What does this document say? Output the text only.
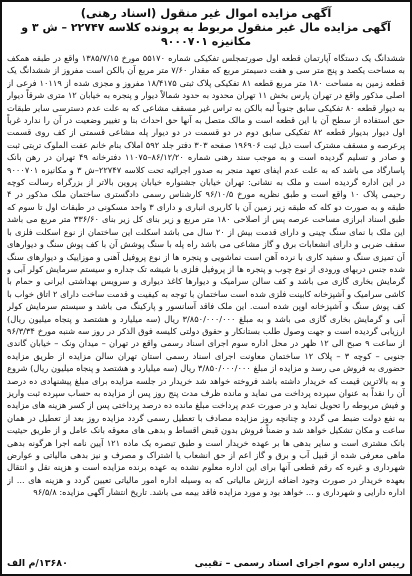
آگهی مزایده اموال غیر منقول (اسناد رهنی)

آگهی مزایده مال غیر منقول مربوط به پرونده کلاسه ۲۲۷۴۷ – ش ۳ و مکانیزه ۹۰۰۰۷۰۱

ششدانگ یک دستگاه آپارتمان قطعه اول صورتمجلس تفکیکی شماره ۵۵۱۷۰ مورخ ۱۳۸۵/۷/۱۵ واقع در طبقه همکف به مساحت یکصد و پنج متر سی و هفت دسیمتر مربع که مقدار ۷/۶۰ متر مربع آن بالکن است مفروز از ششدانگ یک قطعه زمین به مساحت ۱۸۰ متر مربع قطعه ۸۱ تفکیکی پلاک ثبتی ۱۸/۴۱۷۵ مفروز و مجزی شده از ۱۰۱۱۹ فرعی از اصلی مذکور واقع در تهران پارس بخش ۱۱ تهران محدود به حدود شمالاً دیوار و پنجره به خیابان ۱۲ متری شرقاً دیوار به دیوار قطعه ۸۰ تفکیکی سابق جنوباً لبه بالکن به تراس غیر مسقف مشاعی که به علت عدم دسترسی سایر طبقات حق استفاده از سطح آن با این قطعه است و مالک متصل به آنها حق احداث بنا و تغییر وضعیت در آن را ندارد غرباً اول دیوار بدیوار قطعه ۸۲ تفکیکی سابق دوم در دو قسمت در دو دیوار پله مشاعی قسمتی از کف روی قسمت پرعرصه و مسقف مشترک است ذیل ثبت ۱۹۶۹۰۶ صفحه ۳۰۳ دفتر جلد ۵۹۲ املاک بنام خانم عفت الملوک تربتی ثبت و صادر و تسلیم گردیده است و به موجب سند رهنی شماره ۸۶/۱۲/۲۰–۱۱۰۷۵ دفترخانه ۴۹ تهران در رهن بانک پاسارگاد می باشد که به علت عدم ایفای تعهد منجر به صدور اجرائیه تحت کلاسه ۲۲۷۴۷–ش ۳ و مکانیزه ۹۰۰۰۷۰۱ در این اداره گردیده است و ملک به نشانی: تهران خیابان جشنواره خیابان پروین بالاتر از بزرگراه رسالت کوچه رحیمی پلاک ۱۰ واقع است و طبق نظریه مورخ ۹۶/۱۰/۵ کارشناس رسمی دادگستری ساختمان ملک مذکور در ۴ طبقه و به صورت دو کله که طبقه زیر زمین آن با کاربری انباری و دارای ۳ واحد مسکونی در طبقات اول تا سوم که طبق اسناد ابرازی مساحت عرصه پس از اصلاحی ۱۸۰ متر مربع و زیر بنای کل زیر بنای ۳۳۶/۶۰ متر مربع می باشد این ملک با نمای سنگ چینی و دارای قدمت بیش از ۲۰ سال می باشد اسکلت این ساختمان از نوع اسکلت فلزی با سقف ضربی و دارای انشعابات برق و گاز مشاعی می باشد راه پله با سنگ پوشش آن با کف پوش سنگ و دیوارهای آن تمیزی سنگ و سفید کاری با نرده آهن است نماشویی و پنجره ها از نوع پروفیل آهنی و موزاییک و دیوارهای سنگ شده جنس دربهای ورودی از نوع چوب و پنجره ها از پروفیل فلزی با شیشه تک جداره و سیستم سرمایش کولر آبی و گرمایش بخاری گازی می باشد و کف سالن سرامیک و دیوارها کاغذ دیواری و سرویس بهداشتی ایرانی و حمام با کاشی سرامیک و آشپزخانه کابینت فلزی شده است ساختمان با توجه به کیفیت و قدمت ساخت دارای ۲ اتاق خواب با کف پوش سنگ و آشپزخانه اوپن شده است. این ملک فاقد آسانسور و پارکینگ می باشد و سیستم سرمایش کولر آبی و گرمایش بخاری گازی می باشد و به مبلغ ۳/۸۵۰/۰۰۰/۰۰۰ ریال (سه میلیارد و هشتصد و پنجاه میلیون ریال) ارزیابی گردیده است و جهت وصول طلب بستانکار و حقوق دولتی کلیسه فوق الذکر در روز سه شنبه مورخ ۹۶/۳/۳۴ از ساعت ۹ صبح الی ۱۲ ظهر در محل اداره سوم اجرای اسناد رسمی واقع در تهران – میدان ونک – خیابان گاندی جنوبی – کوچه ۳ – پلاک ۱۲ ساختمان معاونت اجرای اسناد رسمی استان تهران سالن مزایده از طریق مزایده حضوری به فروش می رسد و مزایده از مبلغ ۳/۸۵۰/۰۰۰/۰۰۰ ریال (سه میلیارد و هشتصد و پنجاه میلیون ریال) شروع و به بالاترین قیمت که خریدار داشته باشد فروخته خواهد شد خریدار در جلسه مزایده برای مبلغ پیشنهادی ده درصد آن را نقداً به عنوان سپرده پرداخت می نماید و مانده ظرف مدت پنج روز پس از مزایده به حساب سپرده ثبت واریز و فیش مربوطه را تحویل نماید و در صورت عدم پرداخت مبلغ مانده ده درصد پرداختی پس از کسر هزینه های مزایده به نفع دولت ضبط می گردد و چنانچه روز مزایده مصادف با تعطیل رسمی گردد مزایده روز بعد از تعطیل در همان ساعت و مکان تشکیل خواهد شد و ضمناً فروش بدون قبض اقساط و بدهی های معوقه بانک عامل و از طریق حیثیت بانک مشتری است و سایر بدهی ها بر عهده خریدار است و طبق تبصره یک ماده ۱۲۱ آیین نامه اجرا هرگونه بدهی ماهی معرفی شده از قبیل آب و برق و گاز اعم از حق انشعاب یا اشتراک و مصرف و نیز بدهی مالیاتی و عوارض شهرداری و غیره که رقم قطعی آنها برای این اداره معلوم نشده به عهده برنده مزایده است و هزینه نقل و انتقال بعهده خریدار در صورت وجود اضافه ارزش مالیاتی که به وسیله اداره امور مالیاتی تعیین گردد و هزینه های ... از اداره دارایی و شهرداری و ... خواهد بود و مورد مزایده فاقد بیمه می باشد. تاریخ انتشار آگهی مزایده: ۹۶/۵/۸

رییس اداره سوم اجرای اسناد رسمی – تقیبی
۱۳۶۸۰/م الف
